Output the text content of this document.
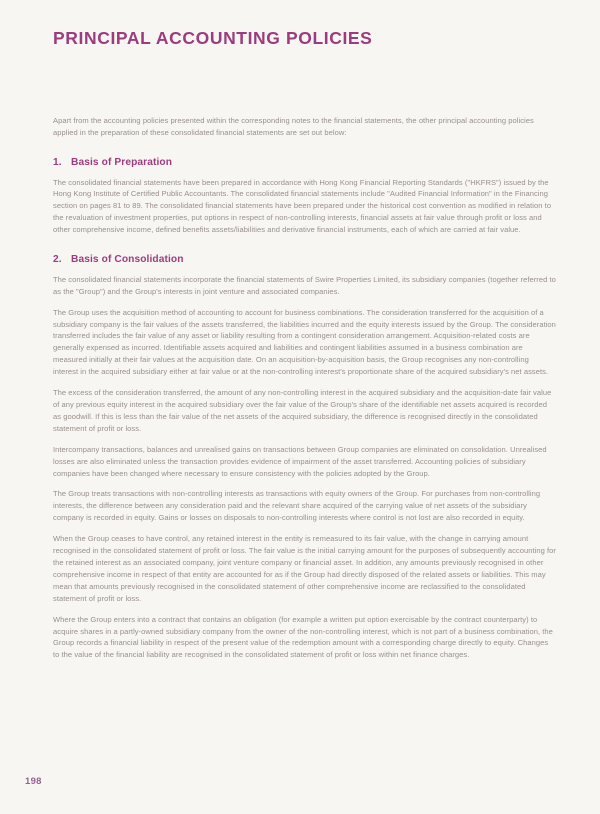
PRINCIPAL ACCOUNTING POLICIES

Apart from the accounting policies presented within the corresponding notes to the financial statements, the other principal accounting policies applied in the preparation of these consolidated financial statements are set out below:

1. Basis of Preparation

The consolidated financial statements have been prepared in accordance with Hong Kong Financial Reporting Standards ("HKFRS") issued by the Hong Kong Institute of Certified Public Accountants. The consolidated financial statements include "Audited Financial Information" in the Financing section on pages 81 to 89. The consolidated financial statements have been prepared under the historical cost convention as modified in relation to the revaluation of investment properties, put options in respect of non-controlling interests, financial assets at fair value through profit or loss and other comprehensive income, defined benefits assets/liabilities and derivative financial instruments, each of which are carried at fair value.

2. Basis of Consolidation

The consolidated financial statements incorporate the financial statements of Swire Properties Limited, its subsidiary companies (together referred to as the "Group") and the Group's interests in joint venture and associated companies.

The Group uses the acquisition method of accounting to account for business combinations. The consideration transferred for the acquisition of a subsidiary company is the fair values of the assets transferred, the liabilities incurred and the equity interests issued by the Group. The consideration transferred includes the fair value of any asset or liability resulting from a contingent consideration arrangement. Acquisition-related costs are generally expensed as incurred. Identifiable assets acquired and liabilities and contingent liabilities assumed in a business combination are measured initially at their fair values at the acquisition date. On an acquisition-by-acquisition basis, the Group recognises any non-controlling interest in the acquired subsidiary either at fair value or at the non-controlling interest's proportionate share of the acquired subsidiary's net assets.

The excess of the consideration transferred, the amount of any non-controlling interest in the acquired subsidiary and the acquisition-date fair value of any previous equity interest in the acquired subsidiary over the fair value of the Group's share of the identifiable net assets acquired is recorded as goodwill. If this is less than the fair value of the net assets of the acquired subsidiary, the difference is recognised directly in the consolidated statement of profit or loss.

Intercompany transactions, balances and unrealised gains on transactions between Group companies are eliminated on consolidation. Unrealised losses are also eliminated unless the transaction provides evidence of impairment of the asset transferred. Accounting policies of subsidiary companies have been changed where necessary to ensure consistency with the policies adopted by the Group.

The Group treats transactions with non-controlling interests as transactions with equity owners of the Group. For purchases from non-controlling interests, the difference between any consideration paid and the relevant share acquired of the carrying value of net assets of the subsidiary company is recorded in equity. Gains or losses on disposals to non-controlling interests where control is not lost are also recorded in equity.

When the Group ceases to have control, any retained interest in the entity is remeasured to its fair value, with the change in carrying amount recognised in the consolidated statement of profit or loss. The fair value is the initial carrying amount for the purposes of subsequently accounting for the retained interest as an associated company, joint venture company or financial asset. In addition, any amounts previously recognised in other comprehensive income in respect of that entity are accounted for as if the Group had directly disposed of the related assets or liabilities. This may mean that amounts previously recognised in the consolidated statement of other comprehensive income are reclassified to the consolidated statement of profit or loss.

Where the Group enters into a contract that contains an obligation (for example a written put option exercisable by the contract counterparty) to acquire shares in a partly-owned subsidiary company from the owner of the non-controlling interest, which is not part of a business combination, the Group records a financial liability in respect of the present value of the redemption amount with a corresponding charge directly to equity. Changes to the value of the financial liability are recognised in the consolidated statement of profit or loss within net finance charges.

198
